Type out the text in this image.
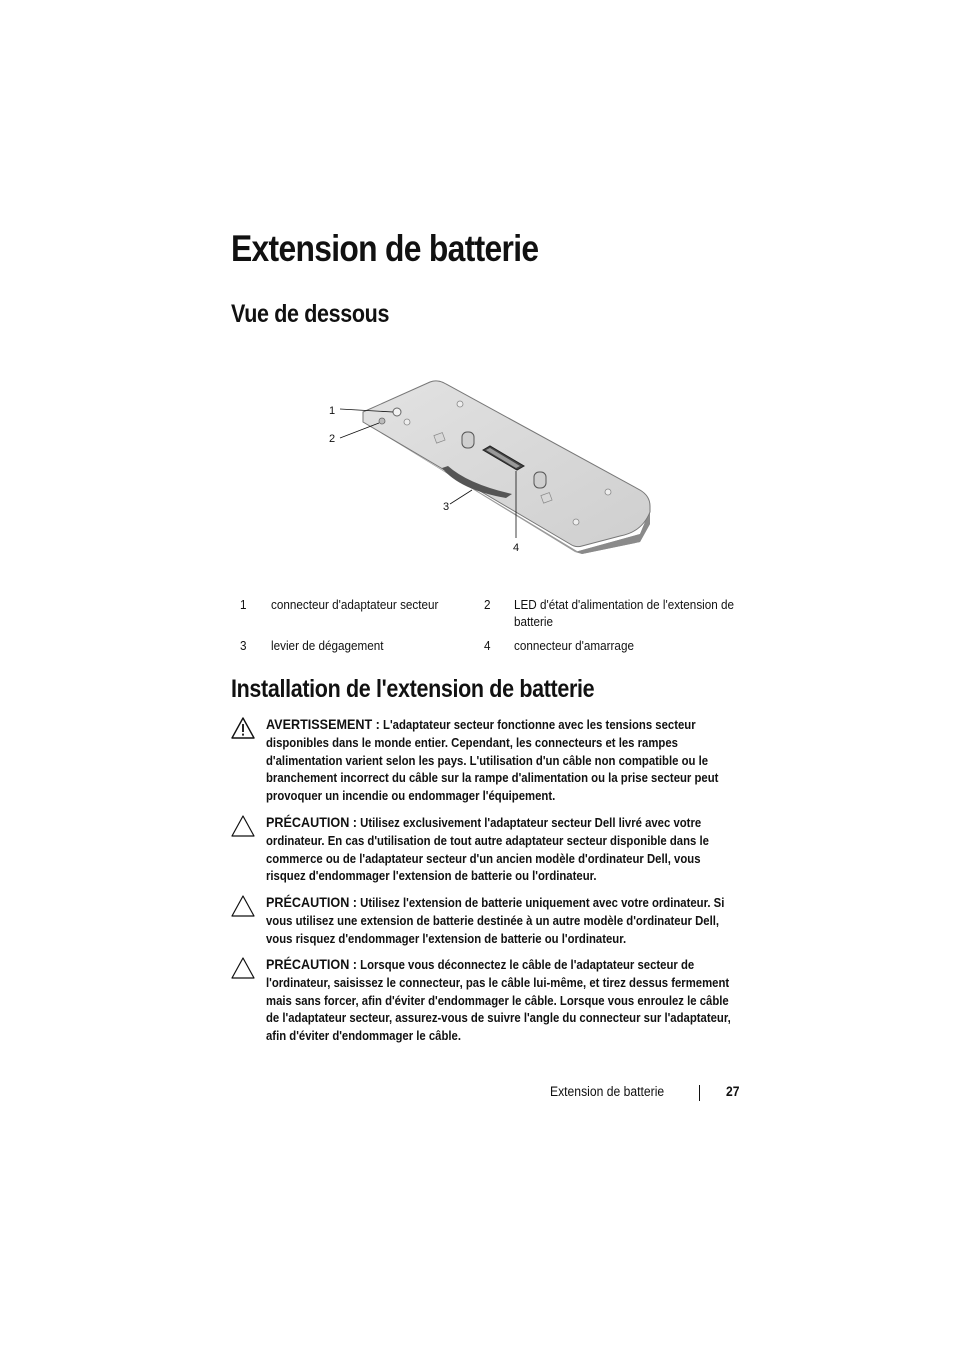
Extension de batterie
Vue de dessous
1
2
3
4
1 connecteur d'adaptateur secteur	2 LED d'état d'alimentation de l'extension de batterie
3 levier de dégagement	4 connecteur d'amarrage
Installation de l'extension de batterie
AVERTISSEMENT : L'adaptateur secteur fonctionne avec les tensions secteur disponibles dans le monde entier. Cependant, les connecteurs et les rampes d'alimentation varient selon les pays. L'utilisation d'un câble non compatible ou le branchement incorrect du câble sur la rampe d'alimentation ou la prise secteur peut provoquer un incendie ou endommager l'équipement.
PRÉCAUTION : Utilisez exclusivement l'adaptateur secteur Dell livré avec votre ordinateur. En cas d'utilisation de tout autre adaptateur secteur disponible dans le commerce ou de l'adaptateur secteur d'un ancien modèle d'ordinateur Dell, vous risquez d'endommager l'extension de batterie ou l'ordinateur.
PRÉCAUTION : Utilisez l'extension de batterie uniquement avec votre ordinateur. Si vous utilisez une extension de batterie destinée à un autre modèle d'ordinateur Dell, vous risquez d'endommager l'extension de batterie ou l'ordinateur.
PRÉCAUTION : Lorsque vous déconnectez le câble de l'adaptateur secteur de l'ordinateur, saisissez le connecteur, pas le câble lui-même, et tirez dessus fermement mais sans forcer, afin d'éviter d'endommager le câble. Lorsque vous enroulez le câble de l'adaptateur secteur, assurez-vous de suivre l'angle du connecteur sur l'adaptateur, afin d'éviter d'endommager le câble.
Extension de batterie	27
